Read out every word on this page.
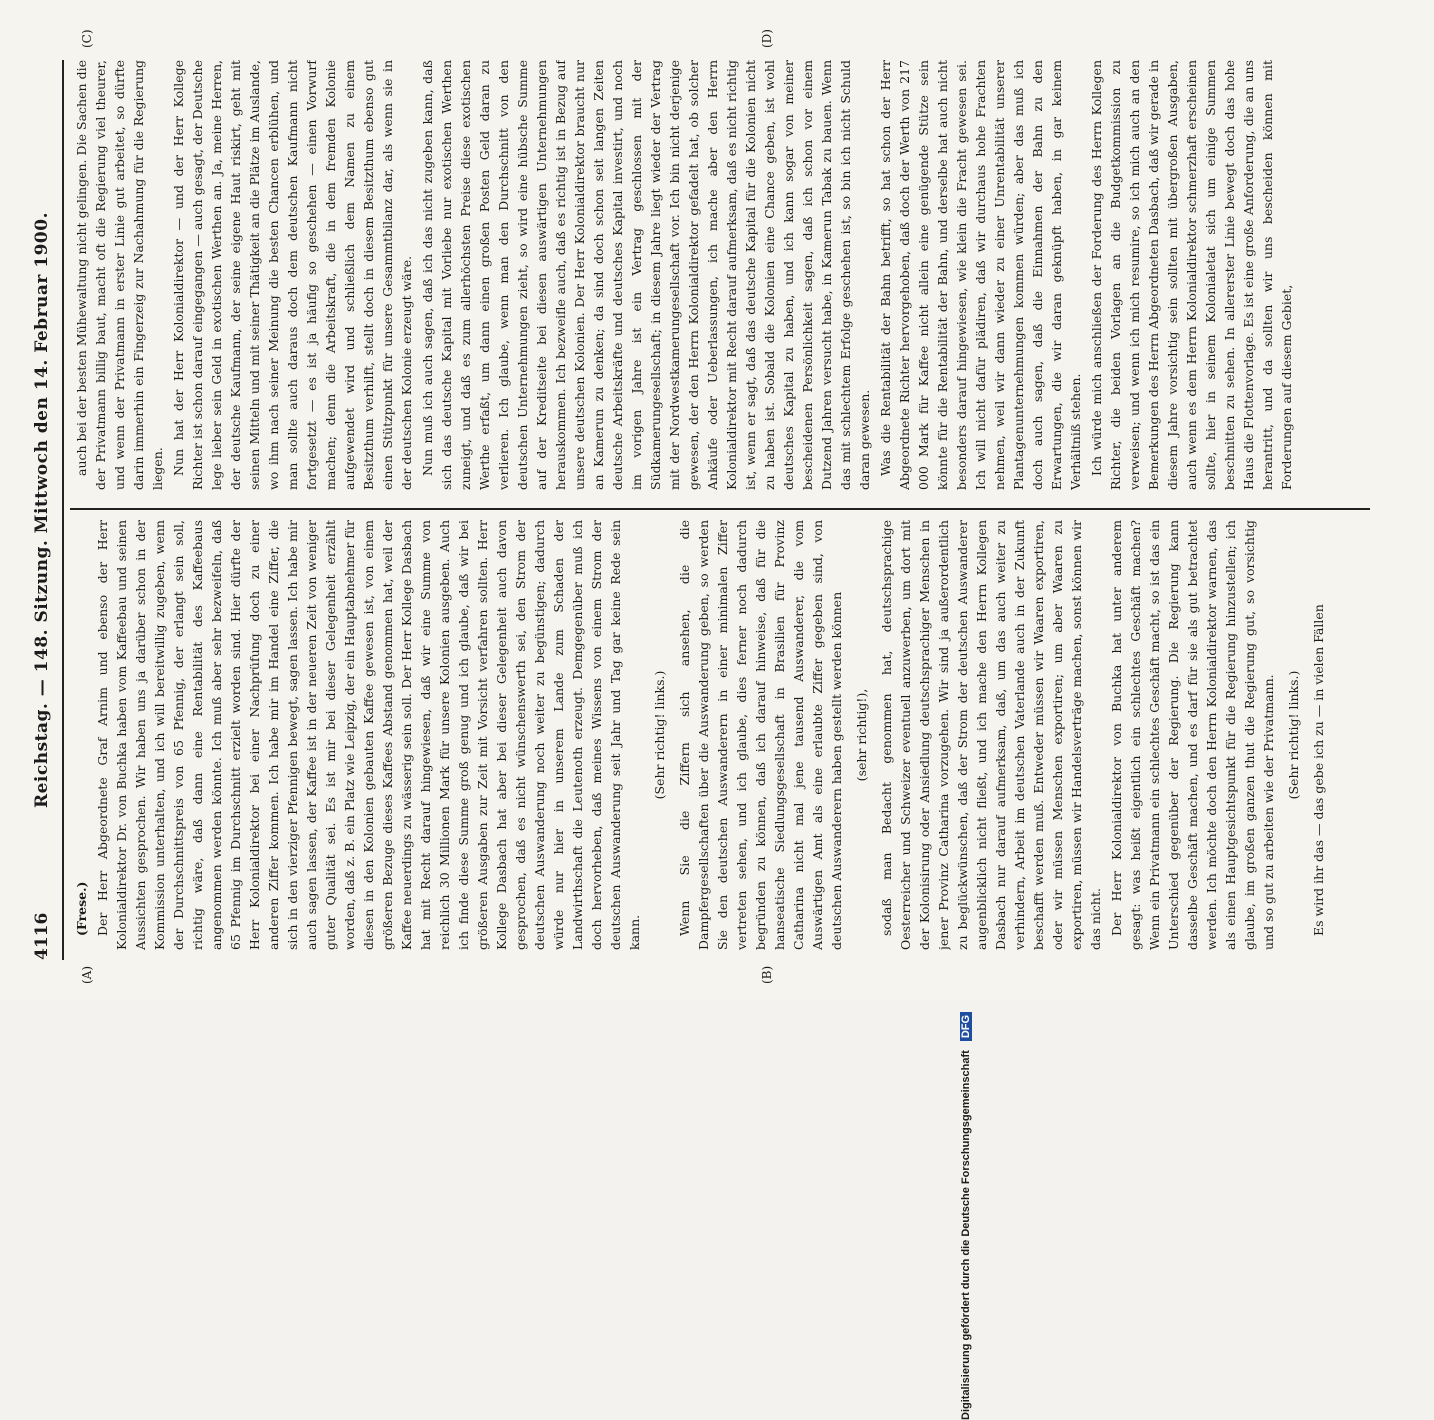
4116
Reichstag. — 148. Sitzung. Mittwoch den 14. Februar 1900.
(A)	(B)
(C)	(D)

(Frese.) Der Herr Abgeordnete Graf Arnim und ebenso der Herr Kolonialdirektor Dr. von Buchka haben vom Kaffeebau und seinen Aussichten gesprochen. Wir haben uns ja darüber schon in der Kommission unterhalten, und ich will bereitwillig zugeben, wenn der Durchschnittspreis von 65 Pfennig, der erlangt sein soll, richtig wäre, daß dann eine Rentabilität des Kaffeebaus angenommen werden könnte. Ich muß aber sehr bezweifeln, daß 65 Pfennig im Durchschnitt erzielt worden sind. Hier dürfte der Herr Kolonialdirektor bei einer Nachprüfung doch zu einer anderen Ziffer kommen. Ich habe mir im Handel eine Ziffer, die sich in den vierziger Pfennigen bewegt, sagen lassen. Ich habe mir auch sagen lassen, der Kaffee ist in der neueren Zeit von weniger guter Qualität sei. Es ist mir bei dieser Gelegenheit erzählt worden, daß z. B. ein Platz wie Leipzig, der ein Hauptabnehmer für diesen in den Kolonien gebauten Kaffee gewesen ist, von einem größeren Bezuge dieses Kaffees Abstand genommen hat, weil der Kaffee neuerdings zu wässerig sein soll. Der Herr Kollege Dasbach hat mit Recht darauf hingewiesen, daß wir eine Summe von reichlich 30 Millionen Mark für unsere Kolonien ausgeben. Auch ich finde diese Summe groß genug und ich glaube, daß wir bei größeren Ausgaben zur Zeit mit Vorsicht verfahren sollten. Herr Kollege Dasbach hat aber bei dieser Gelegenheit auch davon gesprochen, daß es nicht wünschenswerth sei, den Strom der deutschen Auswanderung noch weiter zu begünstigen; dadurch würde nur hier in unserem Lande zum Schaden der Landwirthschaft die Leutenoth erzeugt. Demgegenüber muß ich doch hervorheben, daß meines Wissens von einem Strom der deutschen Auswanderung seit Jahr und Tag gar keine Rede sein kann.

(Sehr richtig! links.) Wenn Sie die Ziffern sich ansehen, die die Dampfergesellschaften über die Auswanderung geben, so werden Sie den deutschen Auswanderern in einer minimalen Ziffer vertreten sehen, und ich glaube, dies ferner noch dadurch begründen zu können, daß ich darauf hinweise, daß für die hanseatische Siedlungsgesellschaft in Brasilien für Provinz Catharina nicht mal jene tausend Auswanderer, die vom Auswärtigen Amt als eine erlaubte Ziffer gegeben sind, von deutschen Auswanderern haben gestellt werden können (sehr richtig!), sodaß man Bedacht genommen hat, deutschsprachige Oesterreicher und Schweizer eventuell anzuwerben, um dort mit der Kolonisirung oder Ansiedlung deutschsprachiger Menschen in jener Provinz Catharina vorzugehen. Wir sind ja außerordentlich zu beglückwünschen, daß der Strom der deutschen Auswanderer augenblicklich nicht fließt, und ich mache den Herrn Kollegen Dasbach nur darauf aufmerksam, daß, um das auch weiter zu verhindern, Arbeit im deutschen Vaterlande auch in der Zukunft beschafft werden muß. Entweder müssen wir Waaren exportiren, oder wir müssen Menschen exportiren; um aber Waaren zu exportiren, müssen wir Handelsverträge machen, sonst können wir das nicht. Der Herr Kolonialdirektor von Buchka hat unter anderem gesagt: was heißt eigentlich ein schlechtes Geschäft machen? Wenn ein Privatmann ein schlechtes Geschäft macht, so ist das ein Unterschied gegenüber der Regierung. Die Regierung kann dasselbe Geschäft machen, und es darf für sie als gut betrachtet werden. Ich möchte doch den Herrn Kolonialdirektor warnen, das als einen Hauptgesichtspunkt für die Regierung hinzustellen; ich glaube, im großen ganzen thut die Regierung gut, so vorsichtig und so gut zu arbeiten wie der Privatmann. (Sehr richtig! links.) Es wird ihr das — das gebe ich zu — in vielen Fällen

auch bei der besten Mühewaltung nicht gelingen. Die Sachen die der Privatmann billig baut, macht oft die Regierung viel theurer, und wenn der Privatmann in erster Linie gut arbeitet, so dürfte darin immerhin ein Fingerzeig zur Nachahmung für die Regierung liegen. Nun hat der Herr Kolonialdirektor — und der Herr Kollege Richter ist schon darauf eingegangen — auch gesagt, der Deutsche lege lieber sein Geld in exotischen Werthen an. Ja, meine Herren, der deutsche Kaufmann, der seine eigene Haut riskirt, geht mit seinen Mitteln und mit seiner Thätigkeit an die Plätze im Auslande, wo ihm nach seiner Meinung die besten Chancen erblühen, und man sollte auch daraus doch dem deutschen Kaufmann nicht fortgesetzt — es ist ja häufig so geschehen — einen Vorwurf machen; denn die Arbeitskraft, die in dem fremden Kolonie aufgewendet wird und schließlich dem Namen zu einem Besitzthum verhilft, stellt doch in diesem Besitzthum ebenso gut einen Stützpunkt für unsere Gesammtbilanz dar, als wenn sie in der deutschen Kolonie erzeugt wäre. Nun muß ich auch sagen, daß ich das nicht zugeben kann, daß sich das deutsche Kapital mit Vorliebe nur exotischen Werthen zuneigt, und daß es zum allerhöchsten Preise diese exotischen Werthe erfaßt, um dann einen großen Posten Geld daran zu verlieren. Ich glaube, wenn man den Durchschnitt von den deutschen Unternehmungen zieht, so wird eine hübsche Summe auf der Kreditseite bei diesen auswärtigen Unternehmungen herauskommen. Ich bezweifle auch, daß es richtig ist in Bezug auf unsere deutschen Kolonien. Der Herr Kolonialdirektor braucht nur an Kamerun zu denken; da sind doch schon seit langen Zeiten deutsche Arbeitskräfte und deutsches Kapital investirt, und noch im vorigen Jahre ist ein Vertrag geschlossen mit der Südkamerungesellschaft; in diesem Jahre liegt wieder der Vertrag mit der Nordwestkamerungesellschaft vor. Ich bin nicht derjenige gewesen, der den Herrn Kolonialdirektor gefadelt hat, ob solcher Ankäufe oder Ueberlassungen, ich mache aber den Herrn Kolonialdirektor mit Recht darauf aufmerksam, daß es nicht richtig ist, wenn er sagt, daß das deutsche Kapital für die Kolonien nicht zu haben ist. Sobald die Kolonien eine Chance geben, ist wohl deutsches Kapital zu haben, und ich kann sogar von meiner bescheidenen Persönlichkeit sagen, daß ich schon vor einem Dutzend Jahren versucht habe, in Kamerun Tabak zu bauen. Wenn das mit schlechtem Erfolge geschehen ist, so bin ich nicht Schuld daran gewesen. Was die Rentabilität der Bahn betrifft, so hat schon der Herr Abgeordnete Richter hervorgehoben, daß doch der Werth von 217 000 Mark für Kaffee nicht allein eine genügende Stütze sein könnte für die Rentabilität der Bahn, und derselbe hat auch nicht besonders darauf hingewiesen, wie klein die Fracht gewesen sei. Ich will nicht dafür plädiren, daß wir durchaus hohe Frachten nehmen, weil wir dann wieder zu einer Unrentabilität unserer Plantagenunternehmungen kommen würden; aber das muß ich doch auch sagen, daß die Einnahmen der Bahn zu den Erwartungen, die wir daran geknüpft haben, in gar keinem Verhältniß stehen. Ich würde mich anschließen der Forderung des Herrn Kollegen Richter, die beiden Vorlagen an die Budgetkommission zu verweisen; und wenn ich mich resumire, so ich mich auch an den Bemerkungen des Herrn Abgeordneten Dasbach, daß wir gerade in diesem Jahre vorsichtig sein sollten mit übergroßen Ausgaben, auch wenn es dem Herrn Kolonialdirektor schmerzhaft erscheinen sollte, hier in seinem Kolonialetat sich um einige Summen beschnitten zu sehen. In allererster Linie bewegt doch das hohe Haus die Flottenvorlage. Es ist eine große Anforderung, die an uns herantritt, und da sollten wir uns bescheiden können mit Forderungen auf diesem Gebiet,

Digitalisierung gefördert durch die Deutsche Forschungsgemeinschaft DFG
